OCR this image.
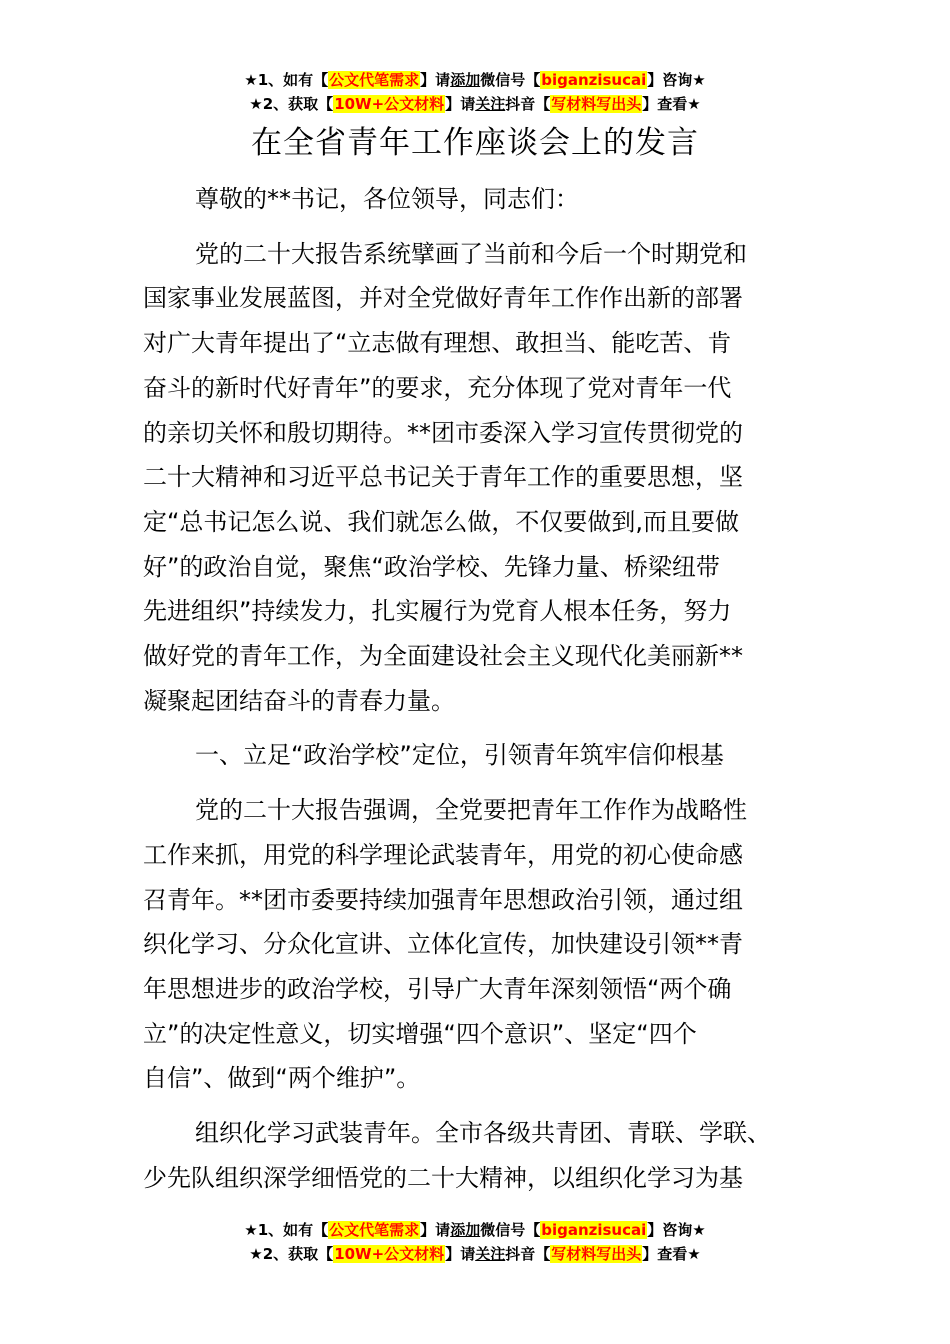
★1、如有【公文代笔需求】请添加微信号【biganzisucai】咨询★
★2、获取【10W+公文材料】请关注抖音【写材料写出头】查看★
在全省青年工作座谈会上的发言
尊敬的**书记，各位领导，同志们：
党的二十大报告系统擘画了当前和今后一个时期党和
国家事业发展蓝图，并对全党做好青年工作作出新的部署
对广大青年提出了“立志做有理想、敢担当、能吃苦、肯
奋斗的新时代好青年”的要求，充分体现了党对青年一代
的亲切关怀和殷切期待。**团市委深入学习宣传贯彻党的
二十大精神和习近平总书记关于青年工作的重要思想，坚
定“总书记怎么说、我们就怎么做，不仅要做到,而且要做
好”的政治自觉，聚焦“政治学校、先锋力量、桥梁纽带
先进组织”持续发力，扎实履行为党育人根本任务，努力
做好党的青年工作，为全面建设社会主义现代化美丽新**
凝聚起团结奋斗的青春力量。
一、立足“政治学校”定位，引领青年筑牢信仰根基
党的二十大报告强调，全党要把青年工作作为战略性
工作来抓，用党的科学理论武装青年，用党的初心使命感
召青年。**团市委要持续加强青年思想政治引领，通过组
织化学习、分众化宣讲、立体化宣传，加快建设引领**青
年思想进步的政治学校，引导广大青年深刻领悟“两个确
立”的决定性意义，切实增强“四个意识”、坚定“四个
自信”、做到“两个维护”。
组织化学习武装青年。全市各级共青团、青联、学联、
少先队组织深学细悟党的二十大精神，以组织化学习为基
★1、如有【公文代笔需求】请添加微信号【biganzisucai】咨询★
★2、获取【10W+公文材料】请关注抖音【写材料写出头】查看★
